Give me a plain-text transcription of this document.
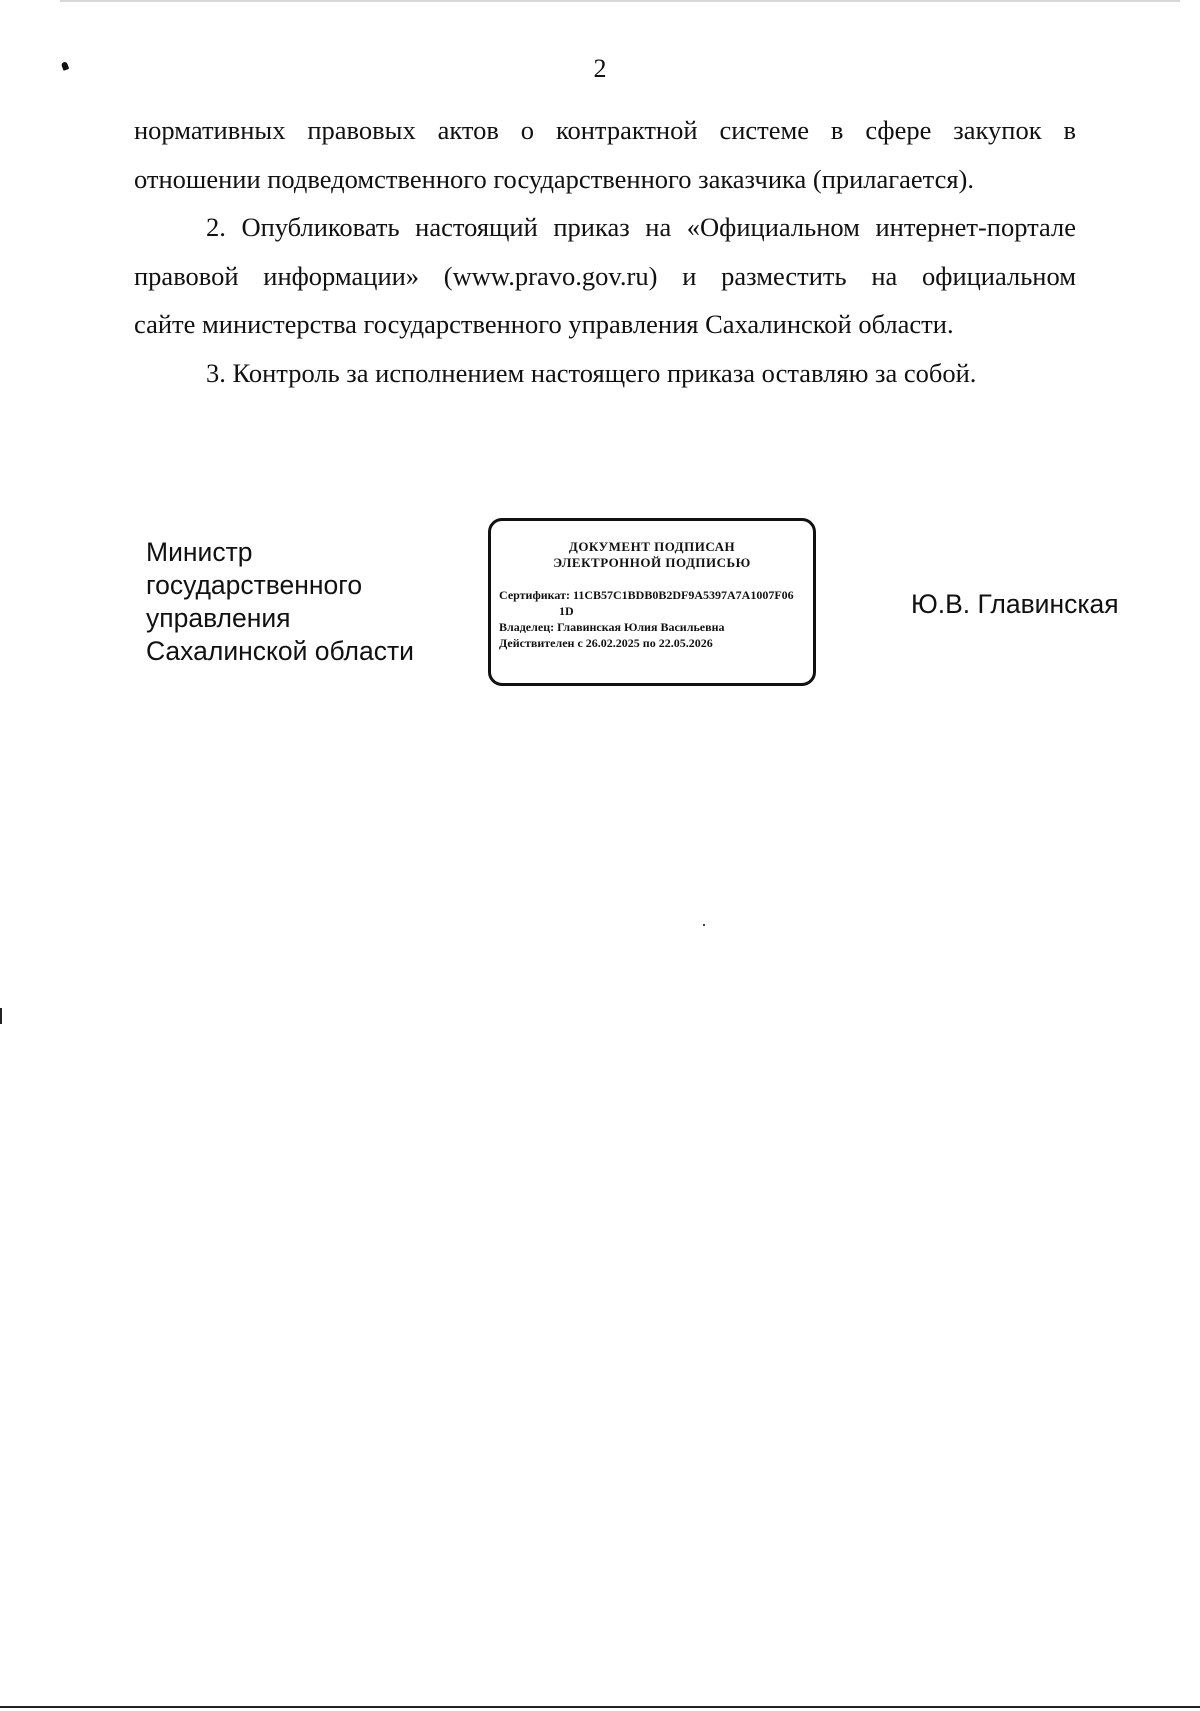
2

нормативных правовых актов о контрактной системе в сфере закупок в

отношении подведомственного государственного заказчика (прилагается).

2. Опубликовать настоящий приказ на «Официальном интернет-портале

правовой информации» (www.pravo.gov.ru) и разместить на официальном

сайте министерства государственного управления Сахалинской области.

3. Контроль за исполнением настоящего приказа оставляю за собой.

Министр
государственного
управления
Сахалинской области
ДОКУМЕНТ ПОДПИСАН
ЭЛЕКТРОННОЙ ПОДПИСЬЮ
Сертификат: 11CB57C1BDB0B2DF9A5397A7A1007F06
1D
Владелец: Главинская Юлия Васильевна
Действителен с 26.02.2025 по 22.05.2026
Ю.В. Главинская
